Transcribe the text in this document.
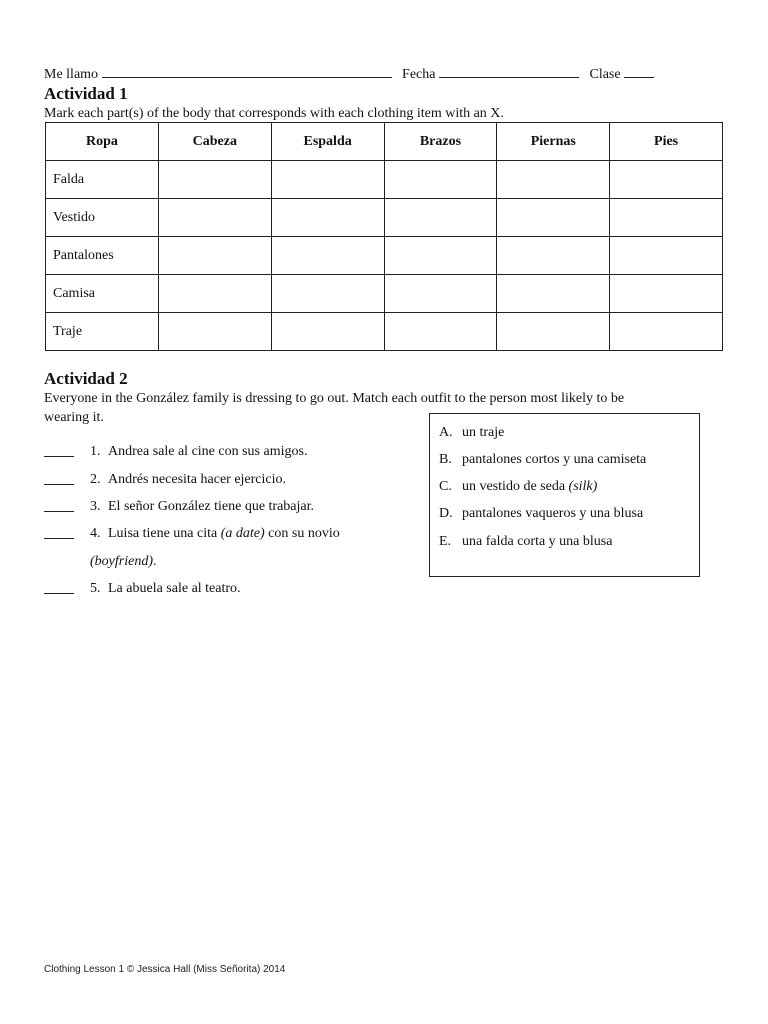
Me llamo	Fecha	Clase
Actividad 1
Mark each part(s) of the body that corresponds with each clothing item with an X.
Ropa	Cabeza	Espalda	Brazos	Piernas	Pies
Falda					
Vestido					
Pantalones					
Camisa					
Traje					
Actividad 2
Everyone in the González family is dressing to go out. Match each outfit to the person most likely to be
wearing it.
1. Andrea sale al cine con sus amigos.
2. Andrés necesita hacer ejercicio.
3. El señor González tiene que trabajar.
4. Luisa tiene una cita (a date) con su novio
(boyfriend).
5. La abuela sale al teatro.
A. un traje
B. pantalones cortos y una camiseta
C. un vestido de seda (silk)
D. pantalones vaqueros y una blusa
E. una falda corta y una blusa
Clothing Lesson 1 © Jessica Hall (Miss Señorita) 2014
